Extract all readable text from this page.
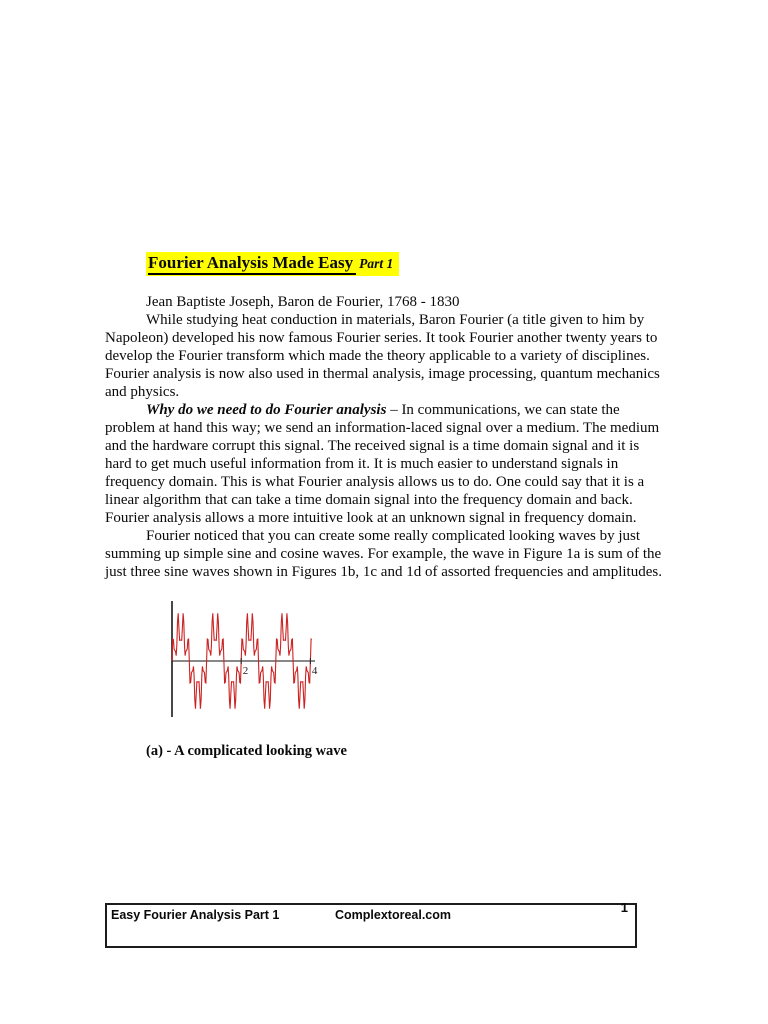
Fourier Analysis Made Easy Part 1
Jean Baptiste Joseph, Baron de Fourier, 1768 - 1830

While studying heat conduction in materials, Baron Fourier (a title given to him by Napoleon) developed his now famous Fourier series. It took Fourier another twenty years to develop the Fourier transform which made the theory applicable to a variety of disciplines. Fourier analysis is now also used in thermal analysis, image processing, quantum mechanics and physics.

Why do we need to do Fourier analysis – In communications, we can state the problem at hand this way; we send an information-laced signal over a medium. The medium and the hardware corrupt this signal. The received signal is a time domain signal and it is hard to get much useful information from it. It is much easier to understand signals in frequency domain. This is what Fourier analysis allows us to do. One could say that it is a linear algorithm that can take a time domain signal into the frequency domain and back. Fourier analysis allows a more intuitive look at an unknown signal in frequency domain.

Fourier noticed that you can create some really complicated looking waves by just summing up simple sine and cosine waves. For example, the wave in Figure 1a is sum of the just three sine waves shown in Figures 1b, 1c and 1d of assorted frequencies and amplitudes.

2	4
(a) - A complicated looking wave
Easy Fourier Analysis Part 1	Complextoreal.com	1
